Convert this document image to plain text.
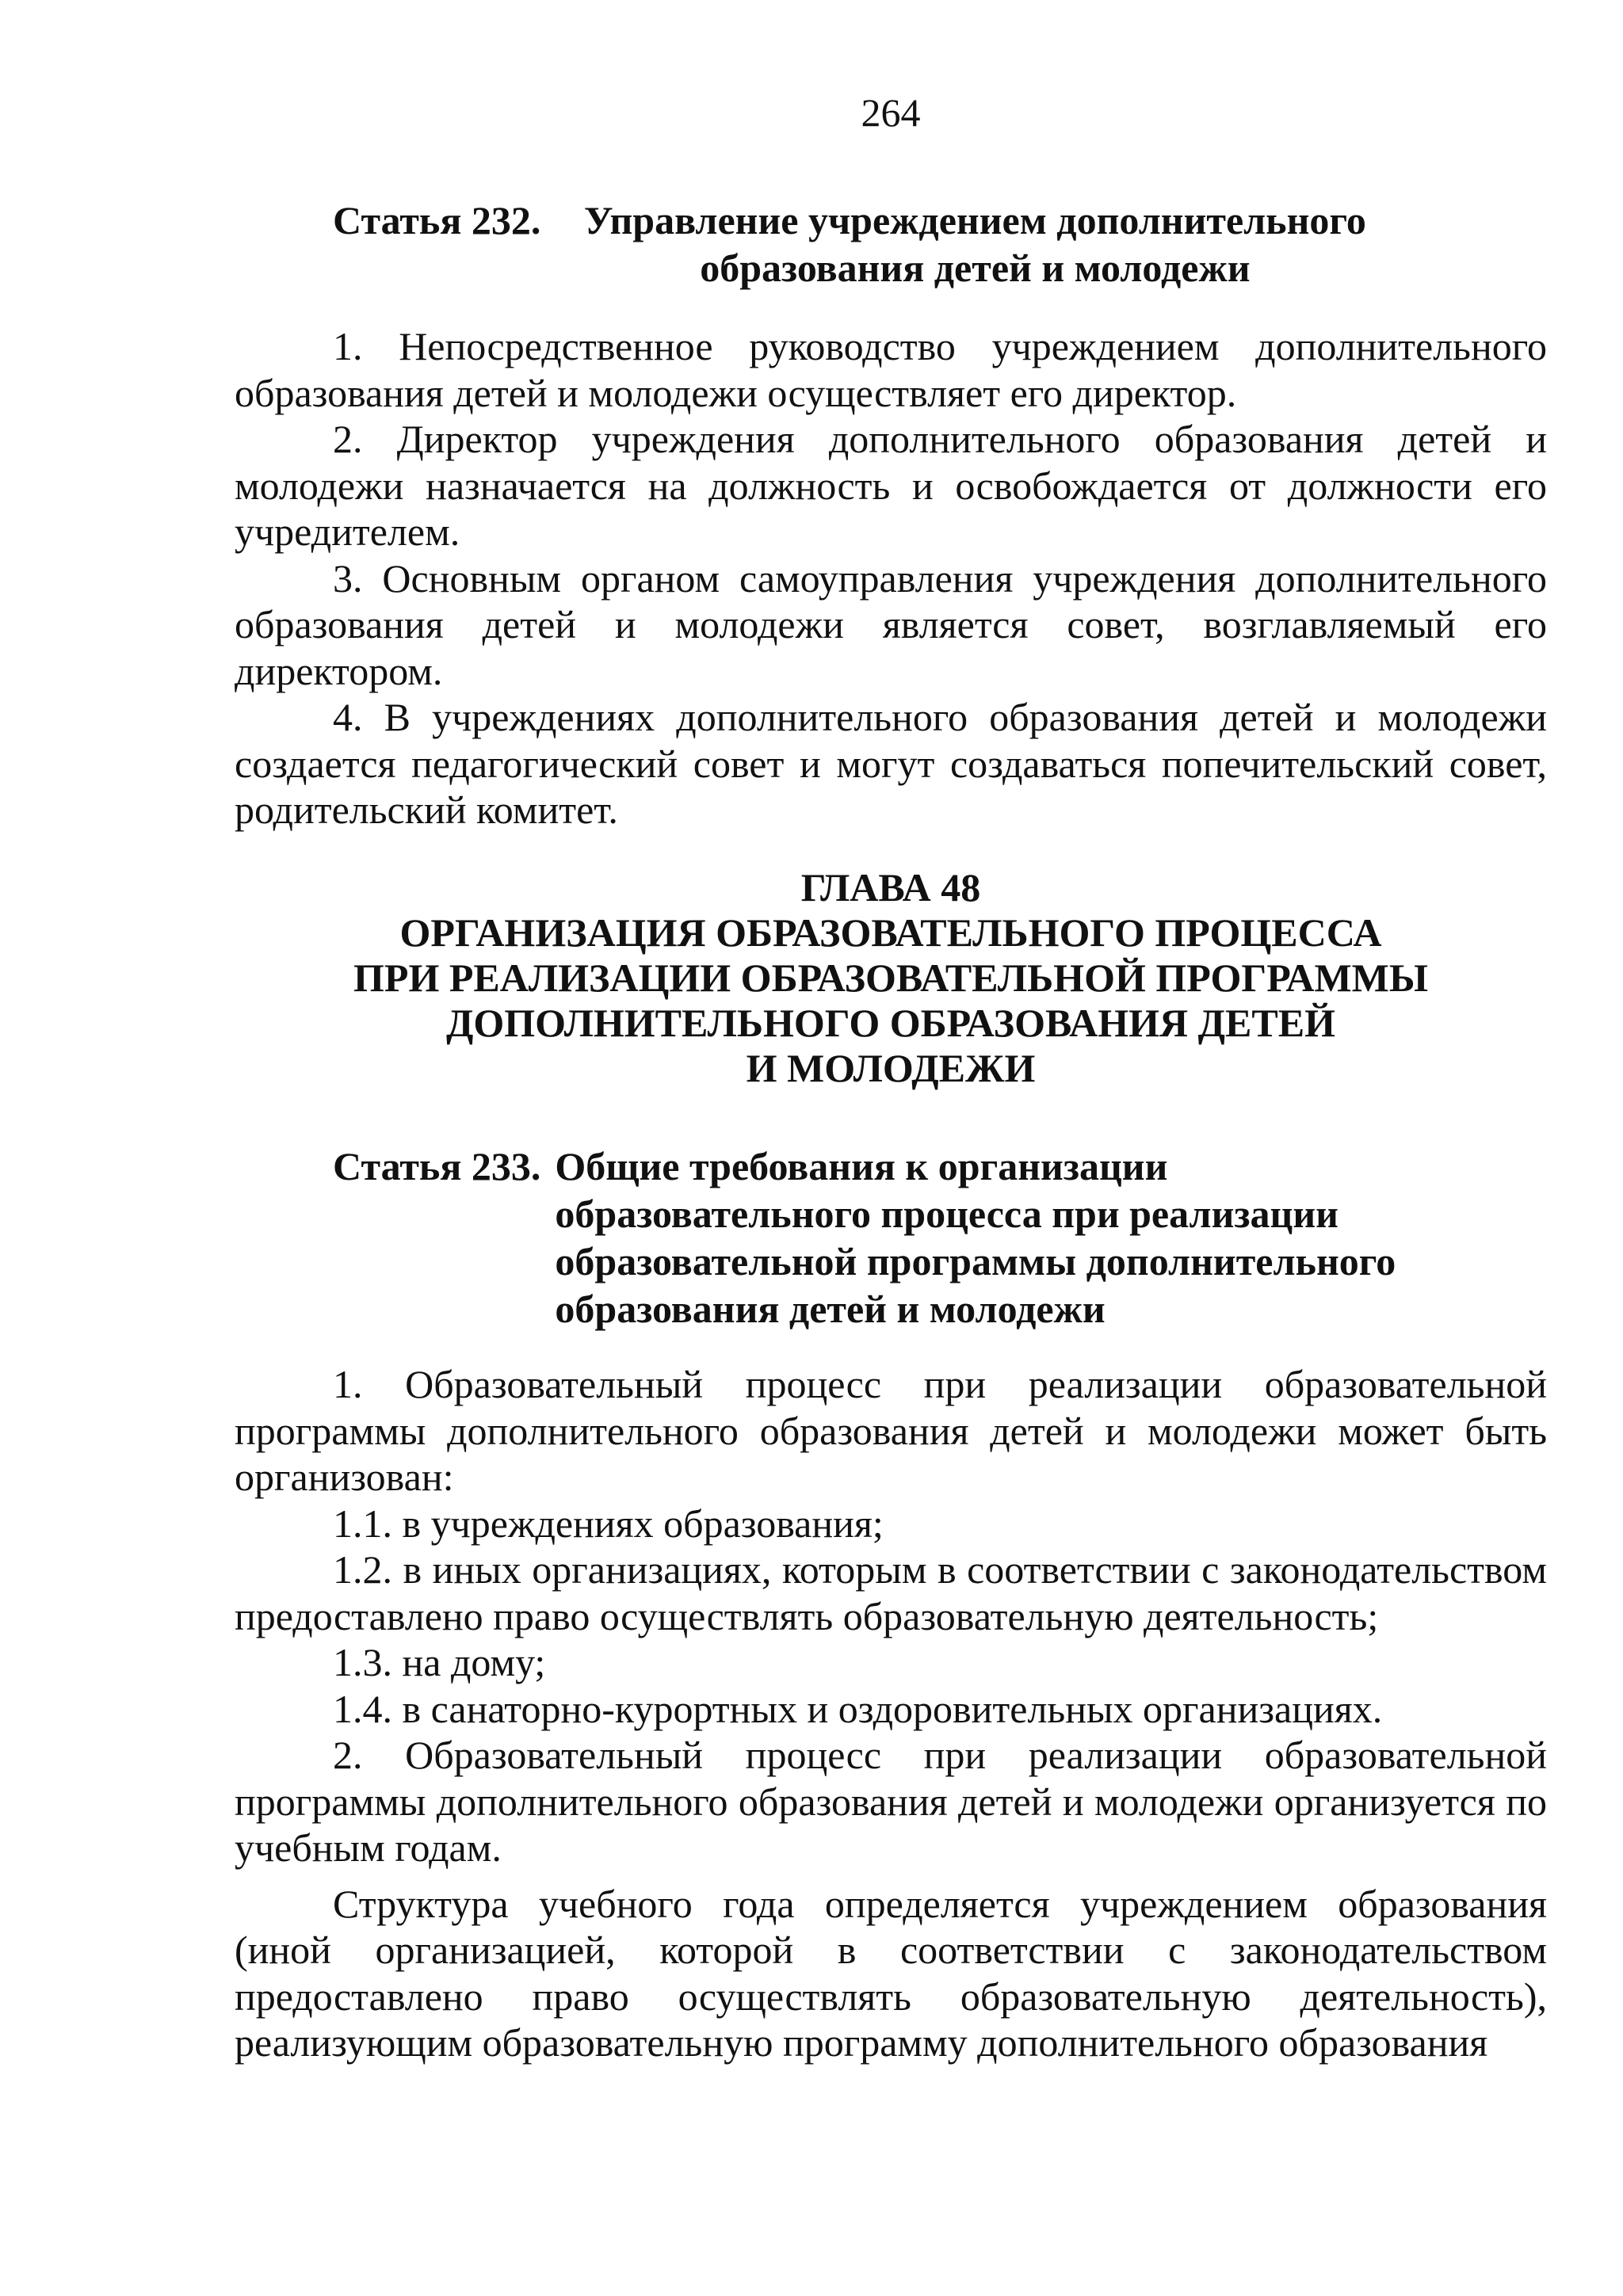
264
Статья 232.	Управление учреждением дополнительного
образования детей и молодежи

1. Непосредственное руководство учреждением дополнительного образования детей и молодежи осуществляет его директор.

2. Директор учреждения дополнительного образования детей и молодежи назначается на должность и освобождается от должности его учредителем.

3. Основным органом самоуправления учреждения дополнительного образования детей и молодежи является совет, возглавляемый его директором.

4. В учреждениях дополнительного образования детей и молодежи создается педагогический совет и могут создаваться попечительский совет, родительский комитет.

ГЛАВА 48
ОРГАНИЗАЦИЯ ОБРАЗОВАТЕЛЬНОГО ПРОЦЕССА
ПРИ РЕАЛИЗАЦИИ ОБРАЗОВАТЕЛЬНОЙ ПРОГРАММЫ
ДОПОЛНИТЕЛЬНОГО ОБРАЗОВАНИЯ ДЕТЕЙ
И МОЛОДЕЖИ
Статья 233. Общие требования к организации
образовательного процесса при реализации
образовательной программы дополнительного
образования детей и молодежи

1. Образовательный процесс при реализации образовательной программы дополнительного образования детей и молодежи может быть организован:

1.1. в учреждениях образования;

1.2. в иных организациях, которым в соответствии с законодательством предоставлено право осуществлять образовательную деятельность;

1.3. на дому;

1.4. в санаторно-курортных и оздоровительных организациях.

2. Образовательный процесс при реализации образовательной программы дополнительного образования детей и молодежи организуется по учебным годам.

Структура учебного года определяется учреждением образования (иной организацией, которой в соответствии с законодательством предоставлено право осуществлять образовательную деятельность), реализующим образовательную программу дополнительного образования
